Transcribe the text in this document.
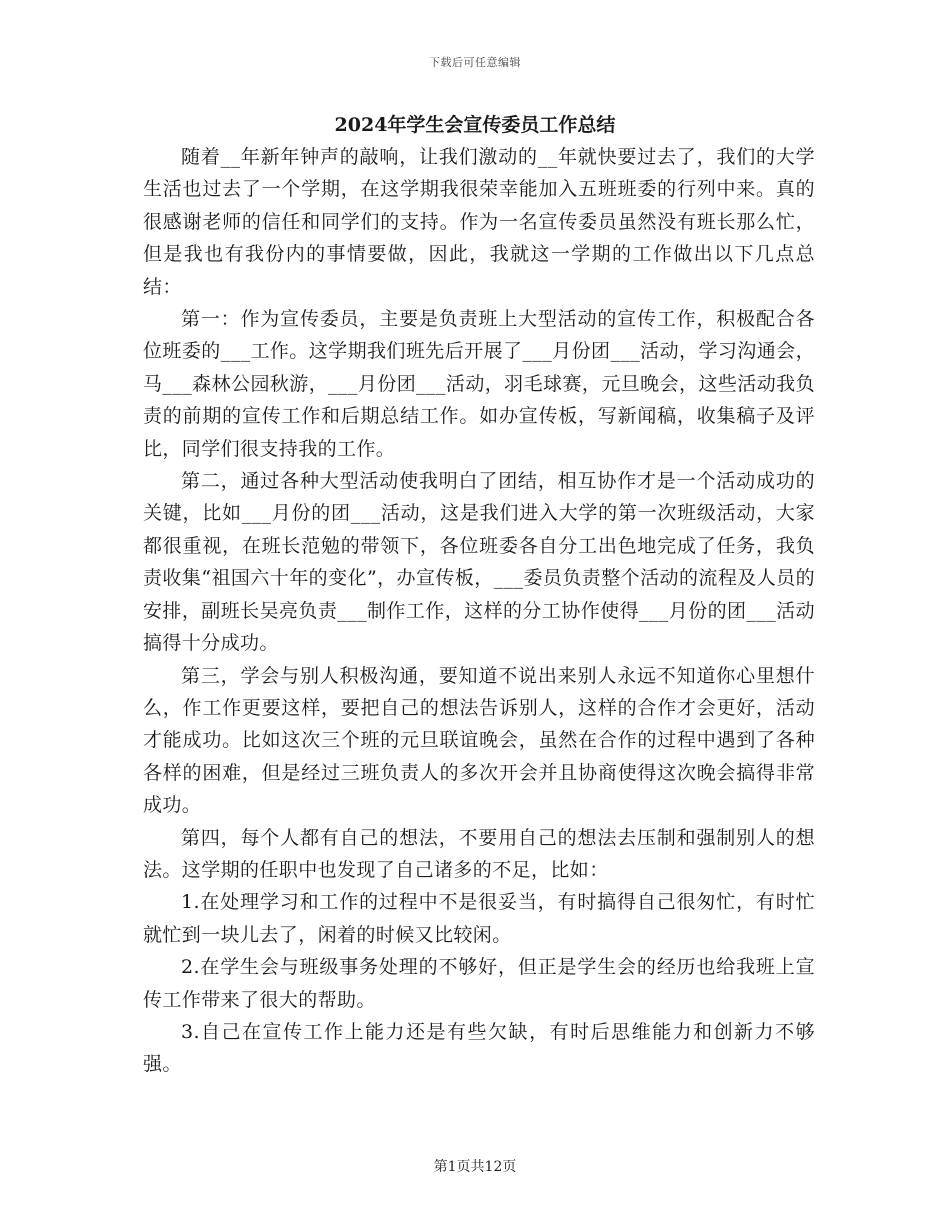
下载后可任意编辑
2024年学生会宣传委员工作总结

随着__年新年钟声的敲响，让我们激动的__年就快要过去了，我们的大学生活也过去了一个学期，在这学期我很荣幸能加入五班班委的行列中来。真的很感谢老师的信任和同学们的支持。作为一名宣传委员虽然没有班长那么忙，但是我也有我份内的事情要做，因此，我就这一学期的工作做出以下几点总结：

第一：作为宣传委员，主要是负责班上大型活动的宣传工作，积极配合各位班委的___工作。这学期我们班先后开展了___月份团___活动，学习沟通会，马___森林公园秋游，___月份团___活动，羽毛球赛，元旦晚会，这些活动我负责的前期的宣传工作和后期总结工作。如办宣传板，写新闻稿，收集稿子及评比，同学们很支持我的工作。

第二，通过各种大型活动使我明白了团结，相互协作才是一个活动成功的关键，比如___月份的团___活动，这是我们进入大学的第一次班级活动，大家都很重视，在班长范勉的带领下，各位班委各自分工出色地完成了任务，我负责收集“祖国六十年的变化”，办宣传板，___委员负责整个活动的流程及人员的安排，副班长吴亮负责___制作工作，这样的分工协作使得___月份的团___活动搞得十分成功。

第三，学会与别人积极沟通，要知道不说出来别人永远不知道你心里想什么，作工作更要这样，要把自己的想法告诉别人，这样的合作才会更好，活动才能成功。比如这次三个班的元旦联谊晚会，虽然在合作的过程中遇到了各种各样的困难，但是经过三班负责人的多次开会并且协商使得这次晚会搞得非常成功。

第四，每个人都有自己的想法，不要用自己的想法去压制和强制别人的想法。这学期的任职中也发现了自己诸多的不足，比如：

1.在处理学习和工作的过程中不是很妥当，有时搞得自己很匆忙，有时忙就忙到一块儿去了，闲着的时候又比较闲。

2.在学生会与班级事务处理的不够好，但正是学生会的经历也给我班上宣传工作带来了很大的帮助。

3.自己在宣传工作上能力还是有些欠缺，有时后思维能力和创新力不够强。

第1页共12页
